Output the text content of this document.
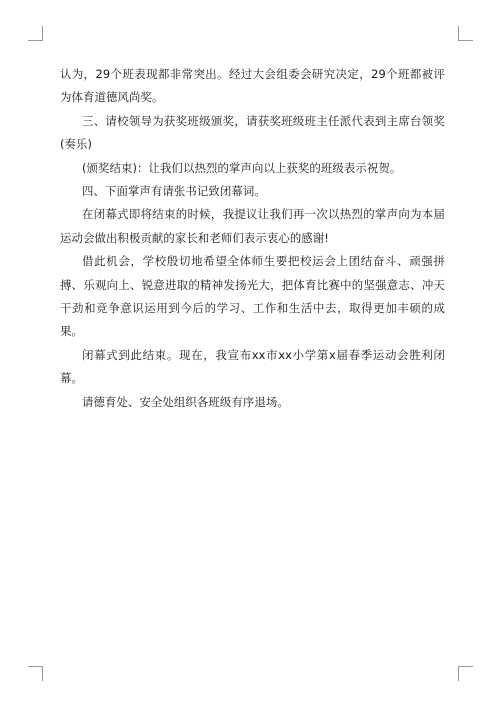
认为，29个班表现都非常突出。经过大会组委会研究决定，29个班都被评为体育道德风尚奖。

三、请校领导为获奖班级颁奖，请获奖班级班主任派代表到主席台领奖(奏乐)

(颁奖结束)：让我们以热烈的掌声向以上获奖的班级表示祝贺。

四、下面掌声有请张书记致闭幕词。

在闭幕式即将结束的时候，我提议让我们再一次以热烈的掌声向为本届运动会做出积极贡献的家长和老师们表示衷心的感谢!

借此机会，学校殷切地希望全体师生要把校运会上团结奋斗、顽强拼搏、乐观向上、锐意进取的精神发扬光大，把体育比赛中的坚强意志、冲天干劲和竞争意识运用到今后的学习、工作和生活中去，取得更加丰硕的成果。

闭幕式到此结束。现在，我宣布xx市xx小学第x届春季运动会胜利闭幕。

请德育处、安全处组织各班级有序退场。
